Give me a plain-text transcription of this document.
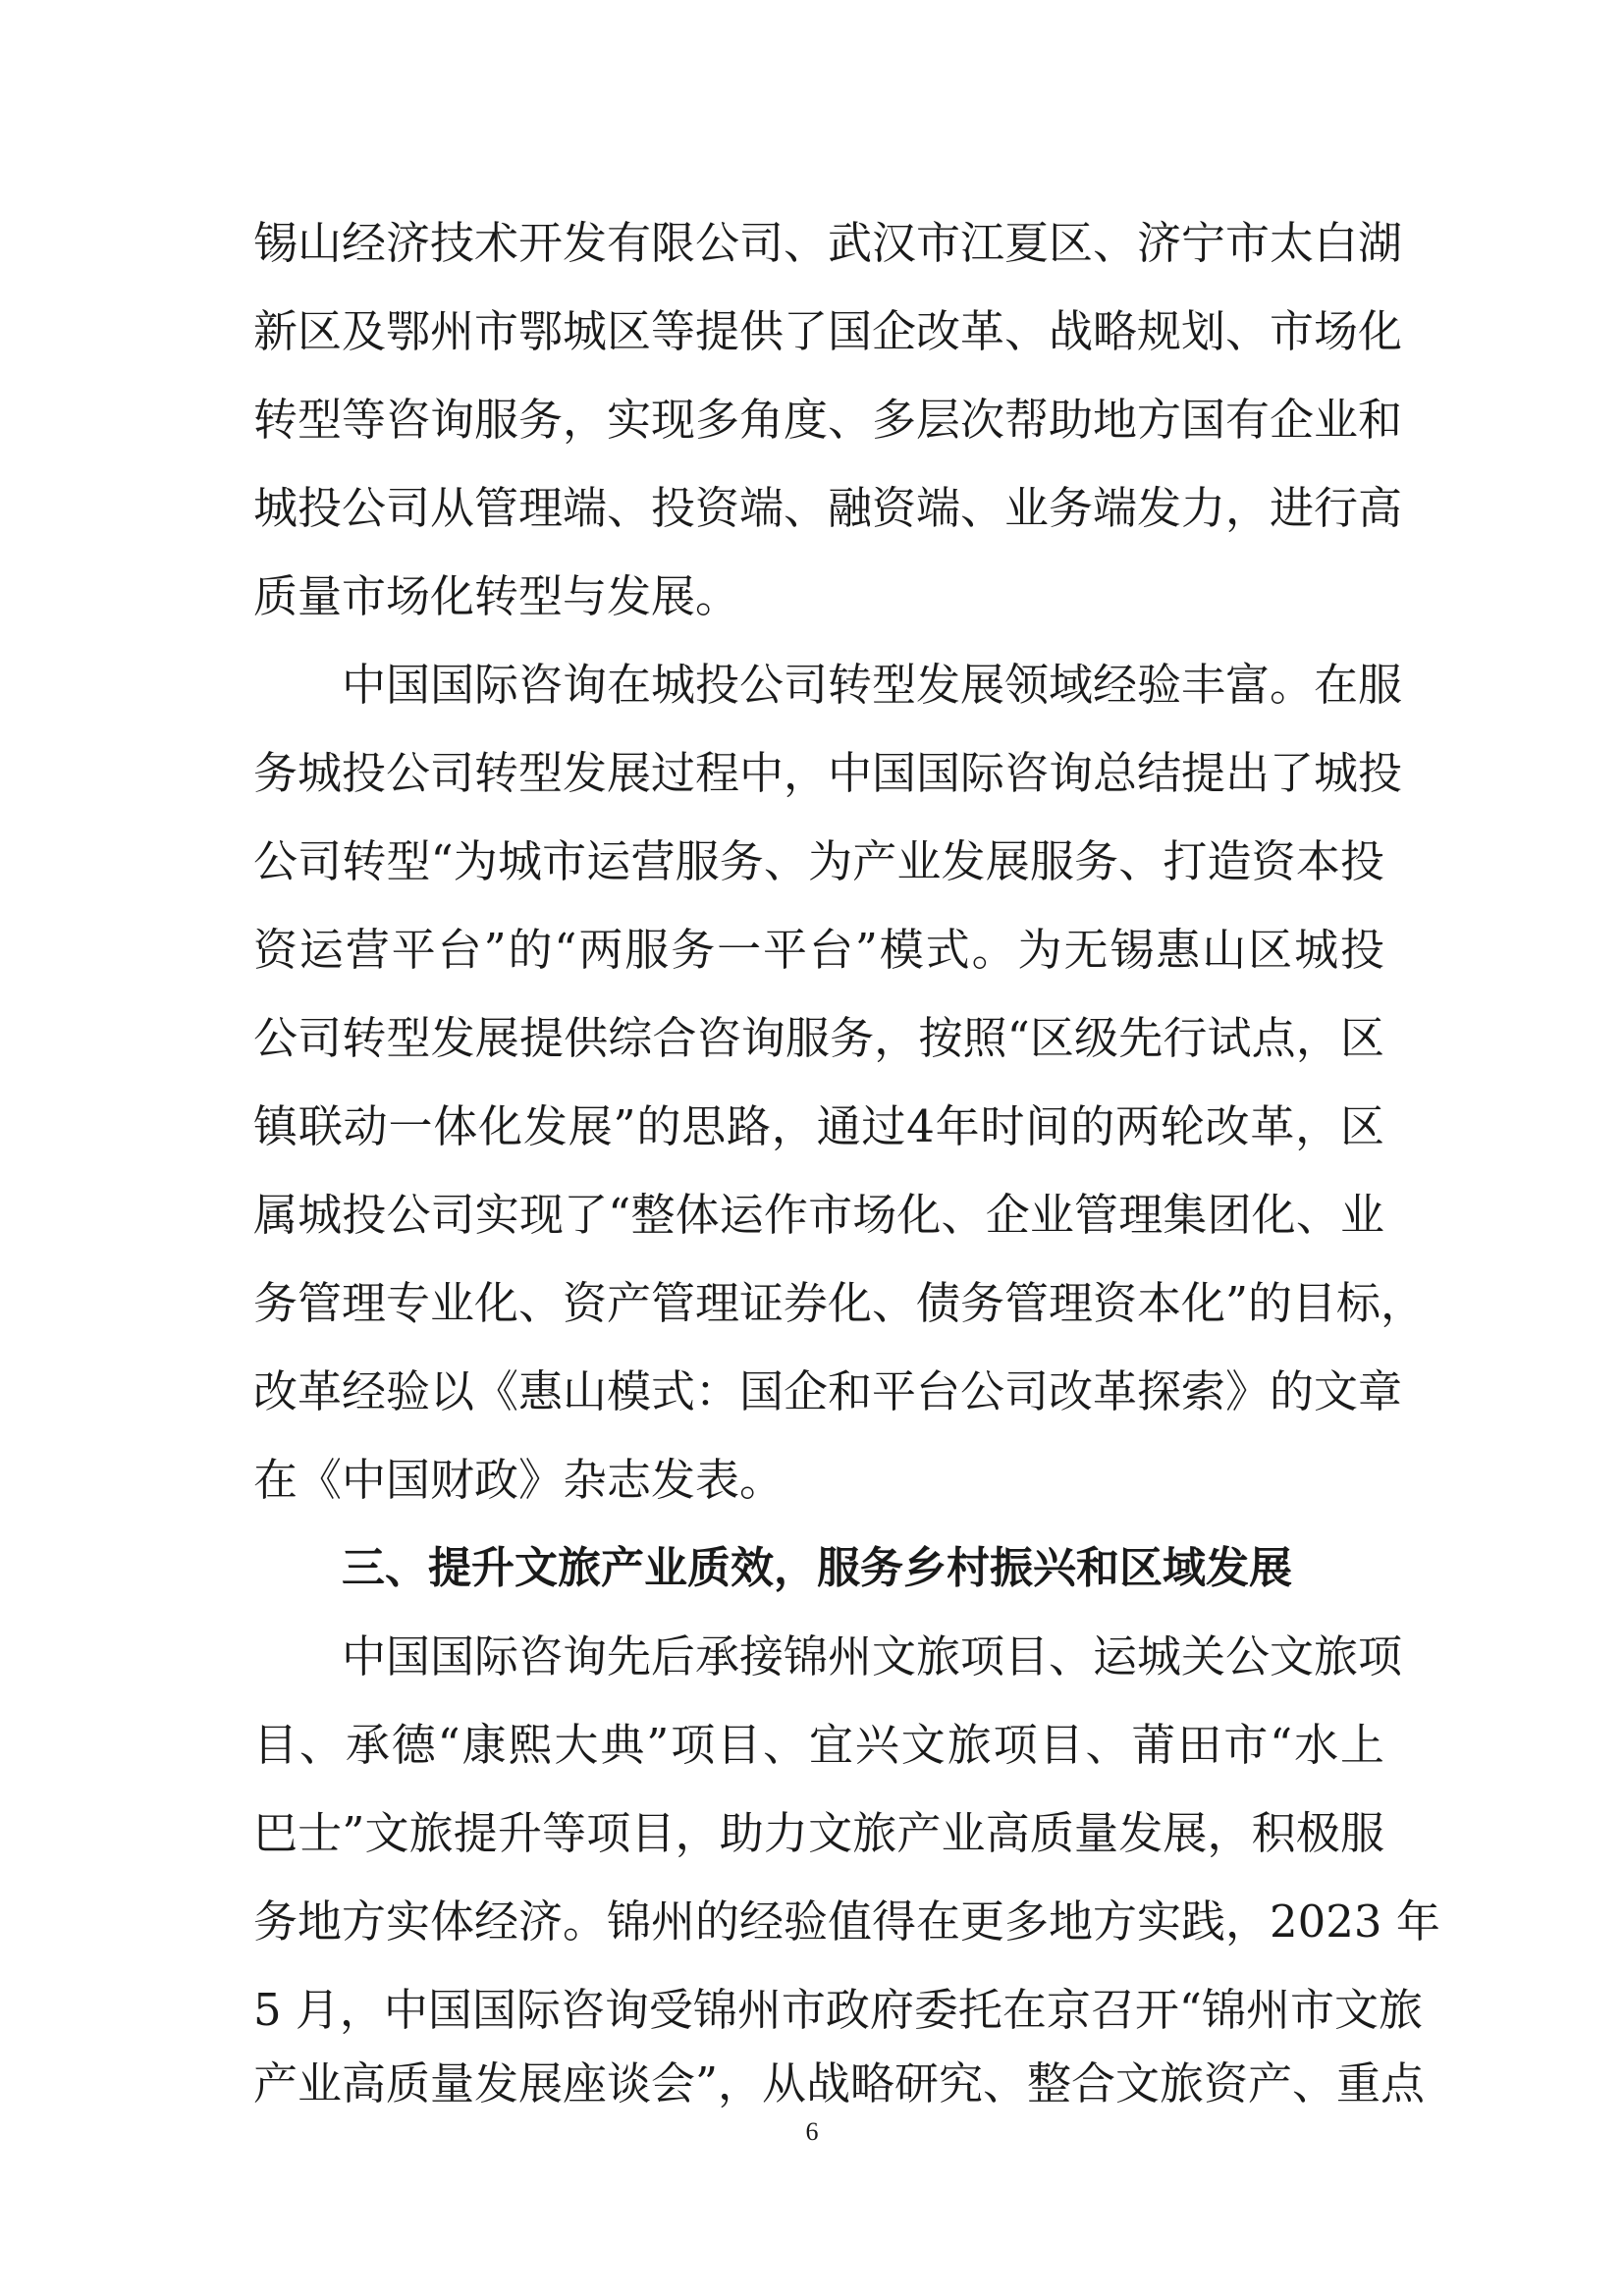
锡山经济技术开发有限公司、武汉市江夏区、济宁市太白湖
新区及鄂州市鄂城区等提供了国企改革、战略规划、市场化
转型等咨询服务，实现多角度、多层次帮助地方国有企业和
城投公司从管理端、投资端、融资端、业务端发力，进行高
质量市场化转型与发展。
中国国际咨询在城投公司转型发展领域经验丰富。在服
务城投公司转型发展过程中，中国国际咨询总结提出了城投
公司转型“为城市运营服务、为产业发展服务、打造资本投
资运营平台”的“两服务一平台”模式。为无锡惠山区城投
公司转型发展提供综合咨询服务，按照“区级先行试点，区
镇联动一体化发展”的思路，通过4年时间的两轮改革，区
属城投公司实现了“整体运作市场化、企业管理集团化、业
务管理专业化、资产管理证券化、债务管理资本化”的目标，
改革经验以《惠山模式：国企和平台公司改革探索》的文章
在《中国财政》杂志发表。
三、提升文旅产业质效，服务乡村振兴和区域发展
中国国际咨询先后承接锦州文旅项目、运城关公文旅项
目、承德“康熙大典”项目、宜兴文旅项目、莆田市“水上
巴士”文旅提升等项目，助力文旅产业高质量发展，积极服
务地方实体经济。锦州的经验值得在更多地方实践，2023 年
5 月，中国国际咨询受锦州市政府委托在京召开“锦州市文旅
产业高质量发展座谈会”，从战略研究、整合文旅资产、重点
6
